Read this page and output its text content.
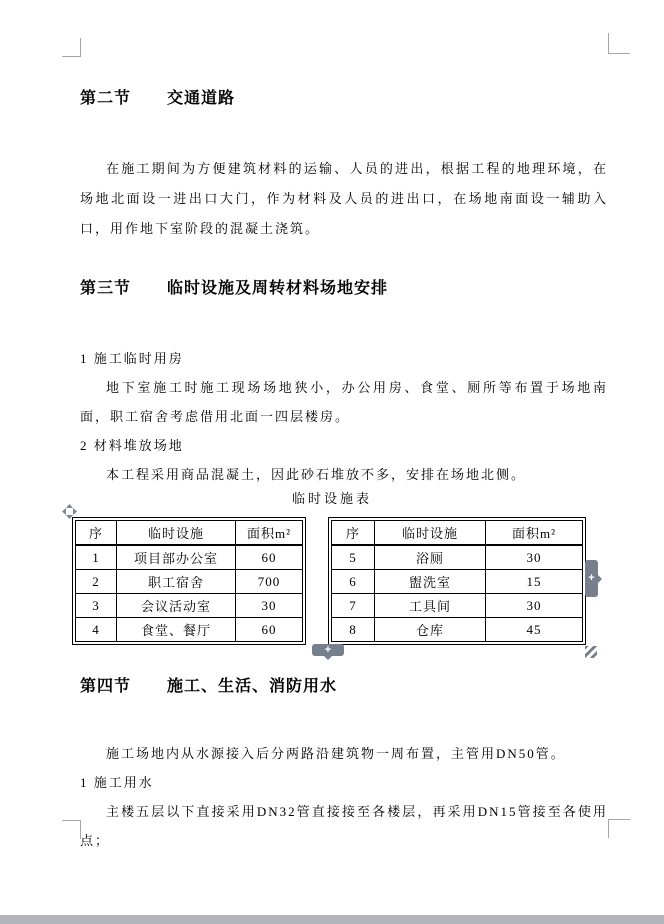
第二节 交通道路

在施工期间为方便建筑材料的运输、人员的进出，根据工程的地理环境，在场地北面设一进出口大门，作为材料及人员的进出口，在场地南面设一辅助入口，用作地下室阶段的混凝土浇筑。

第三节 临时设施及周转材料场地安排
1 施工临时用房

地下室施工时施工现场场地狭小，办公用房、食堂、厕所等布置于场地南面，职工宿舍考虑借用北面一四层楼房。

2 材料堆放场地

本工程采用商品混凝土，因此砂石堆放不多，安排在场地北侧。

临时设施表
序	临时设施	面积m²
1	项目部办公室	60
2	职工宿舍	700
3	会议活动室	30
4	食堂、餐厅	60
序	临时设施	面积m²
5	浴厕	30
6	盥洗室	15
7	工具间	30
8	仓库	45
第四节 施工、生活、消防用水

施工场地内从水源接入后分两路沿建筑物一周布置，主管用DN50管。

1 施工用水

主楼五层以下直接采用DN32管直接接至各楼层，再采用DN15管接至各使用点；

+
+
